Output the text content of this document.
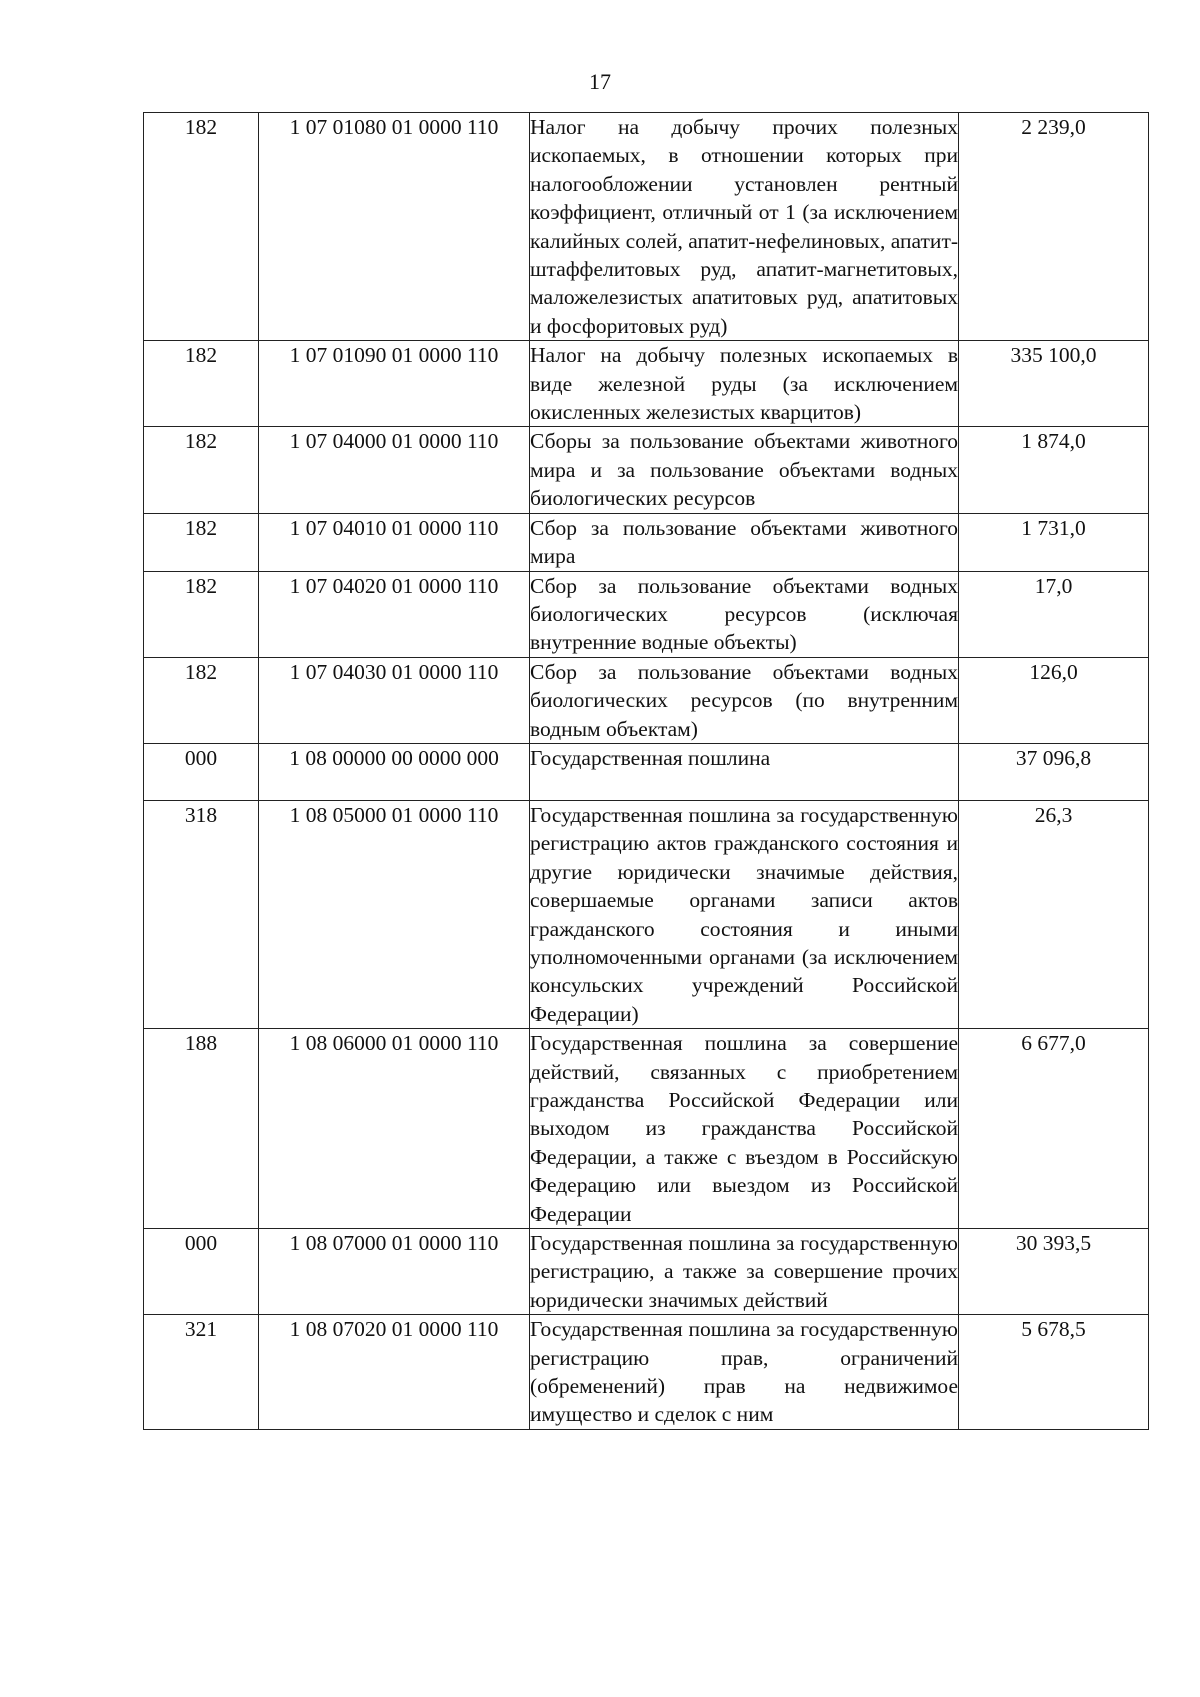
17
182	1 07 01080 01 0000 110	Налог на добычу прочих полезных ископаемых, в отношении которых при налогообложении установлен рентный коэффициент, отличный от 1 (за исключением калийных солей, апатит-нефелиновых, апатит-штаффелитовых руд, апатит-магнетитовых, маложелезистых апатитовых руд, апатитовых и фосфоритовых руд)	2 239,0
182	1 07 01090 01 0000 110	Налог на добычу полезных ископаемых в виде железной руды (за исключением окисленных железистых кварцитов)	335 100,0
182	1 07 04000 01 0000 110	Сборы за пользование объектами животного мира и за пользование объектами водных биологических ресурсов	1 874,0
182	1 07 04010 01 0000 110	Сбор за пользование объектами животного мира	1 731,0
182	1 07 04020 01 0000 110	Сбор за пользование объектами водных биологических ресурсов (исключая внутренние водные объекты)	17,0
182	1 07 04030 01 0000 110	Сбор за пользование объектами водных биологических ресурсов (по внутренним водным объектам)	126,0
000	1 08 00000 00 0000 000	Государственная пошлина	37 096,8
318	1 08 05000 01 0000 110	Государственная пошлина за государственную регистрацию актов гражданского состояния и другие юридически значимые действия, совершаемые органами записи актов гражданского состояния и иными уполномоченными органами (за исключением консульских учреждений Российской Федерации)	26,3
188	1 08 06000 01 0000 110	Государственная пошлина за совершение действий, связанных с приобретением гражданства Российской Федерации или выходом из гражданства Российской Федерации, а также с въездом в Российскую Федерацию или выездом из Российской Федерации	6 677,0
000	1 08 07000 01 0000 110	Государственная пошлина за государственную регистрацию, а также за совершение прочих юридически значимых действий	30 393,5
321	1 08 07020 01 0000 110	Государственная пошлина за государственную регистрацию прав, ограничений (обременений) прав на недвижимое имущество и сделок с ним	5 678,5
